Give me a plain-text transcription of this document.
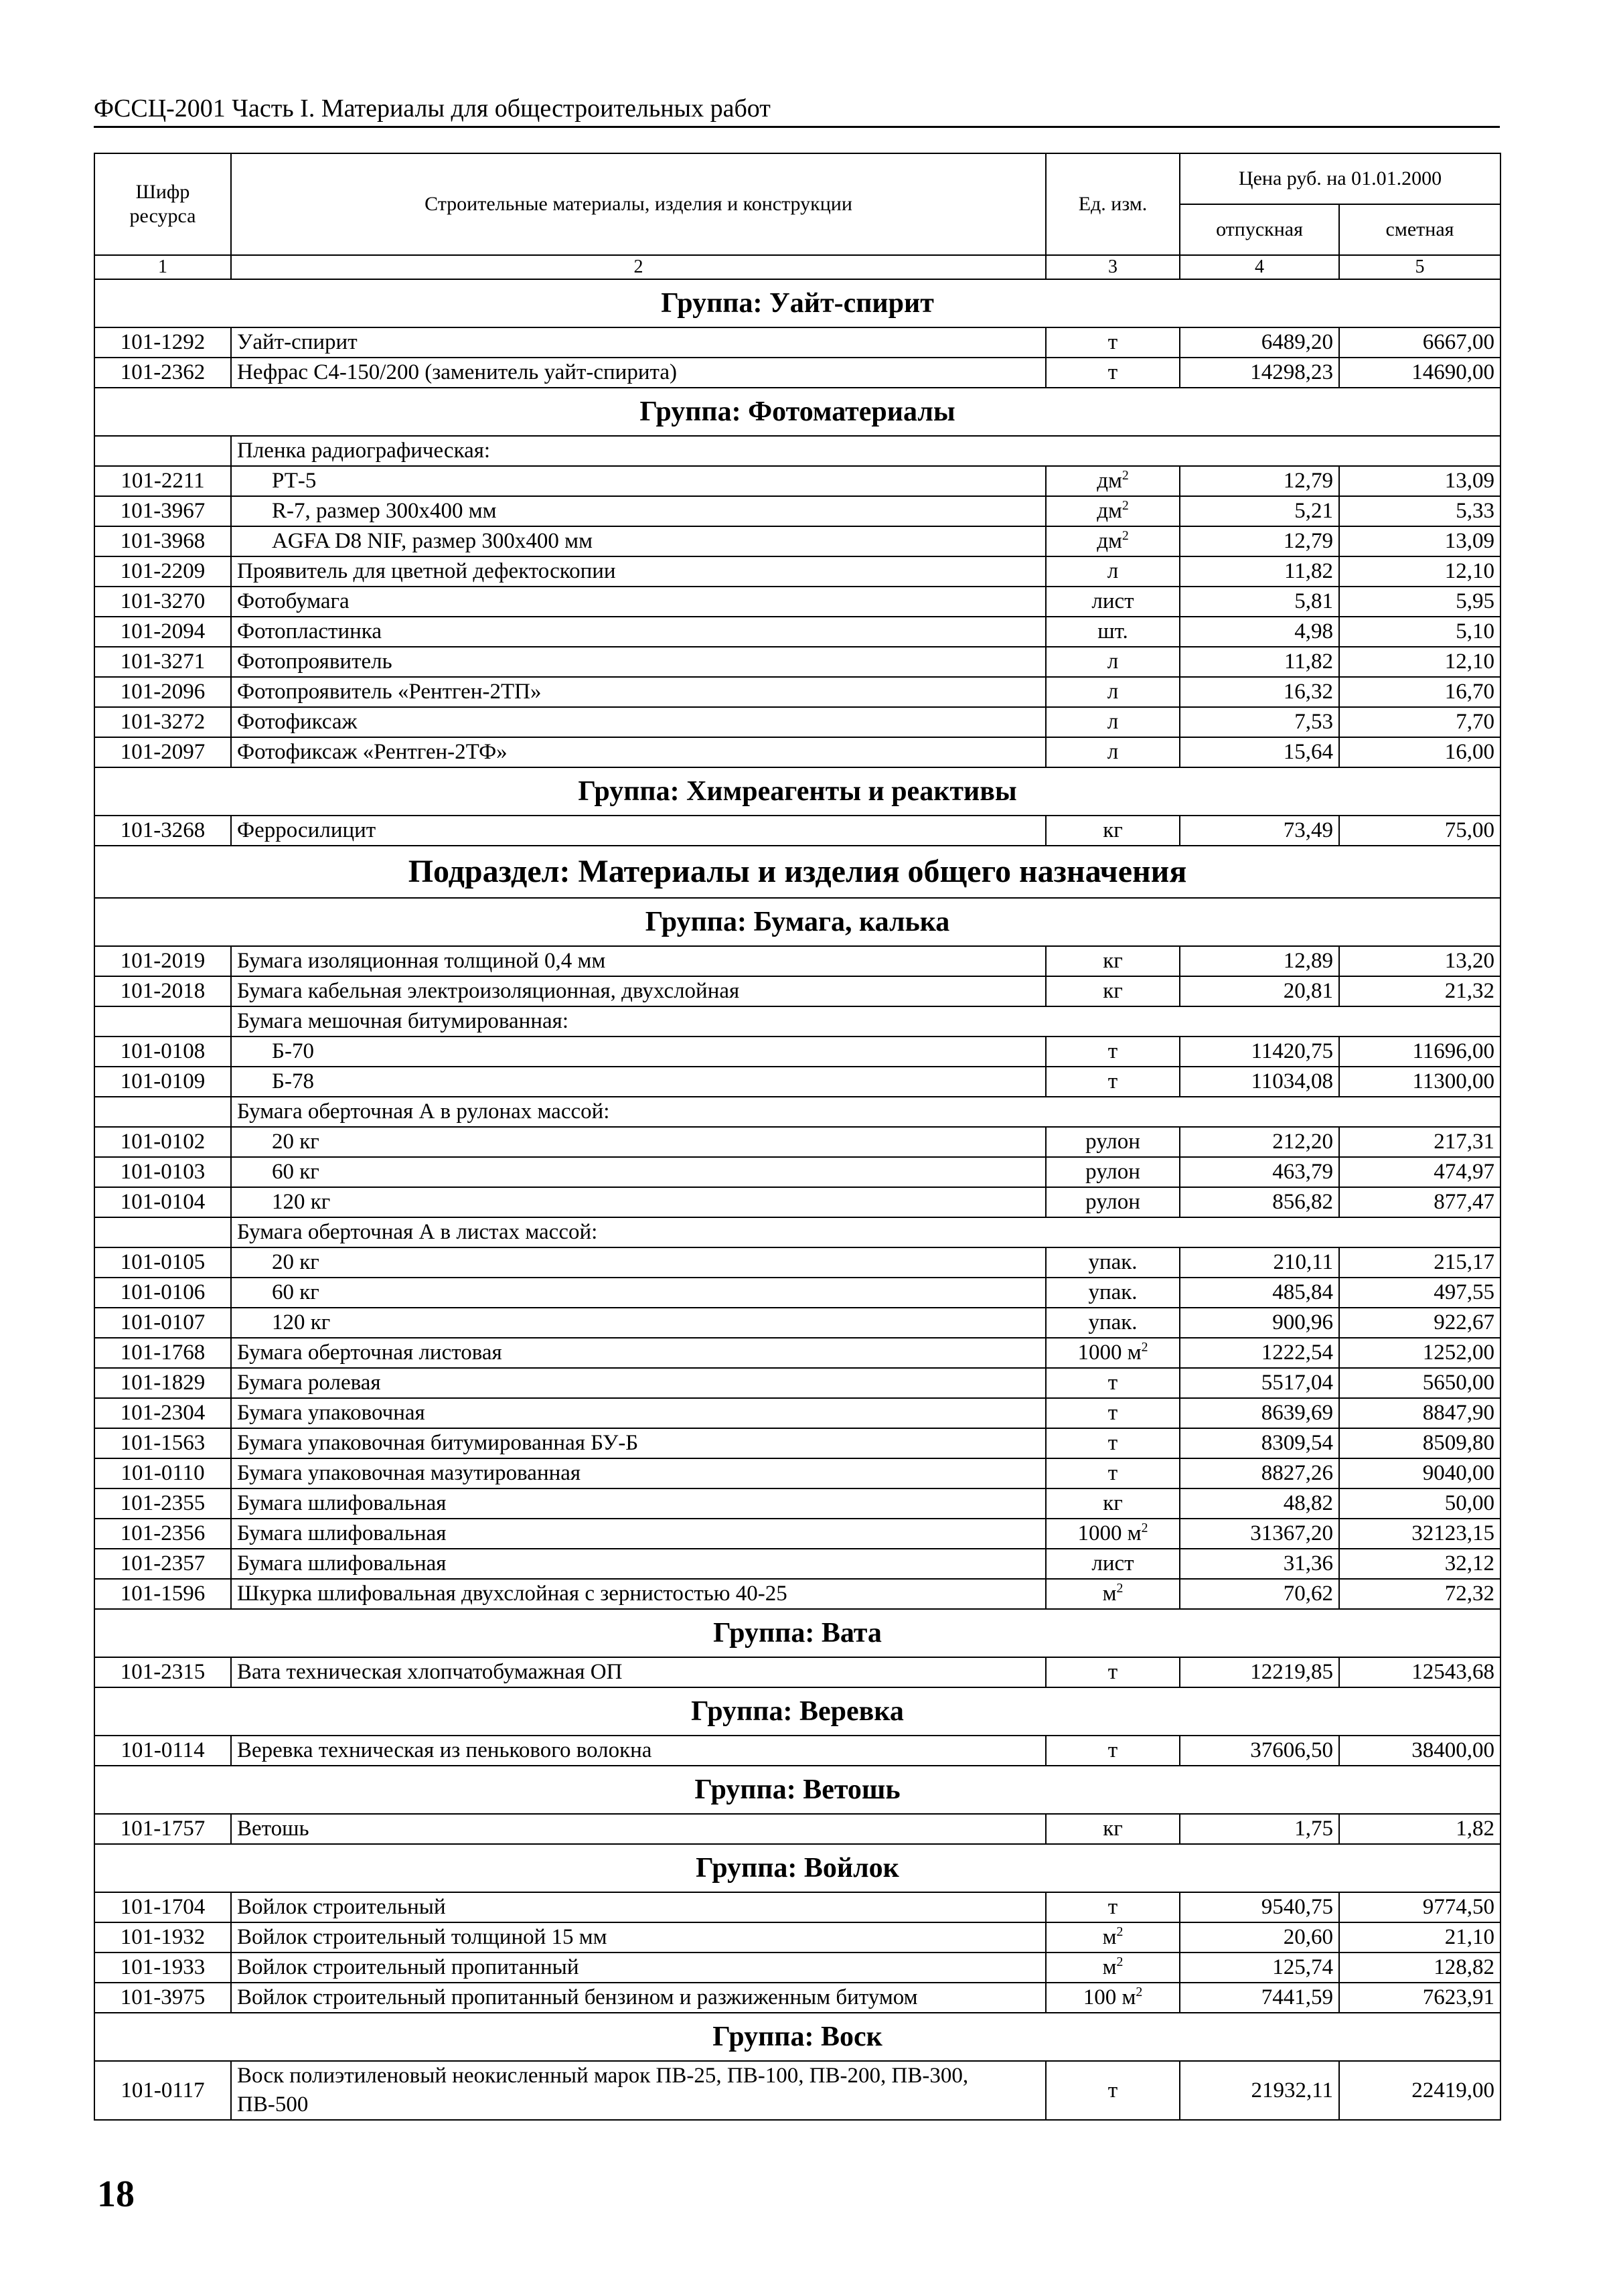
ФССЦ-2001 Часть I. Материалы для общестроительных работ
Шифр ресурса	Строительные материалы, изделия и конструкции	Ед. изм.	Цена руб. на 01.01.2000	
			отпускная	сметная
1	2	3	4	5
Группа: Уайт-спирит				
101-1292	Уайт-спирит	т	6489,20	6667,00
101-2362	Нефрас С4-150/200 (заменитель уайт-спирита)	т	14298,23	14690,00
Группа: Фотоматериалы				
	Пленка радиографическая:			
101-2211	РТ-5	$дм^2$	12,79	13,09
101-3967	R-7, размер 300х400 мм	$дм^2$	5,21	5,33
101-3968	AGFA D8 NIF, размер 300х400 мм	$дм^2$	12,79	13,09
101-2209	Проявитель для цветной дефектоскопии	л	11,82	12,10
101-3270	Фотобумага	лист	5,81	5,95
101-2094	Фотопластинка	шт.	4,98	5,10
101-3271	Фотопроявитель	л	11,82	12,10
101-2096	Фотопроявитель «Рентген-2ТП»	л	16,32	16,70
101-3272	Фотофиксаж	л	7,53	7,70
101-2097	Фотофиксаж «Рентген-2ТФ»	л	15,64	16,00
Группа: Химреагенты и реактивы				
101-3268	Ферросилицит	кг	73,49	75,00
Подраздел: Материалы и изделия общего назначения				
Группа: Бумага, калька				
101-2019	Бумага изоляционная толщиной 0,4 мм	кг	12,89	13,20
101-2018	Бумага кабельная электроизоляционная, двухслойная	кг	20,81	21,32
	Бумага мешочная битумированная:			
101-0108	Б-70	т	11420,75	11696,00
101-0109	Б-78	т	11034,08	11300,00
	Бумага оберточная А в рулонах массой:			
101-0102	20 кг	рулон	212,20	217,31
101-0103	60 кг	рулон	463,79	474,97
101-0104	120 кг	рулон	856,82	877,47
	Бумага оберточная А в листах массой:			
101-0105	20 кг	упак.	210,11	215,17
101-0106	60 кг	упак.	485,84	497,55
101-0107	120 кг	упак.	900,96	922,67
101-1768	Бумага оберточная листовая	1000 $м^2$	1222,54	1252,00
101-1829	Бумага ролевая	т	5517,04	5650,00
101-2304	Бумага упаковочная	т	8639,69	8847,90
101-1563	Бумага упаковочная битумированная БУ-Б	т	8309,54	8509,80
101-0110	Бумага упаковочная мазутированная	т	8827,26	9040,00
101-2355	Бумага шлифовальная	кг	48,82	50,00
101-2356	Бумага шлифовальная	1000 $м^2$	31367,20	32123,15
101-2357	Бумага шлифовальная	лист	31,36	32,12
101-1596	Шкурка шлифовальная двухслойная с зернистостью 40-25	$м^2$	70,62	72,32
Группа: Вата				
101-2315	Вата техническая хлопчатобумажная ОП	т	12219,85	12543,68
Группа: Веревка				
101-0114	Веревка техническая из пенькового волокна	т	37606,50	38400,00
Группа: Ветошь				
101-1757	Ветошь	кг	1,75	1,82
Группа: Войлок				
101-1704	Войлок строительный	т	9540,75	9774,50
101-1932	Войлок строительный толщиной 15 мм	$м^2$	20,60	21,10
101-1933	Войлок строительный пропитанный	$м^2$	125,74	128,82
101-3975	Войлок строительный пропитанный бензином и разжиженным битумом	100 $м^2$	7441,59	7623,91
Группа: Воск				
101-0117	Воск полиэтиленовый неокисленный марок ПВ-25, ПВ-100, ПВ-200, ПВ-300, ПВ-500	т	21932,11	22419,00
18
